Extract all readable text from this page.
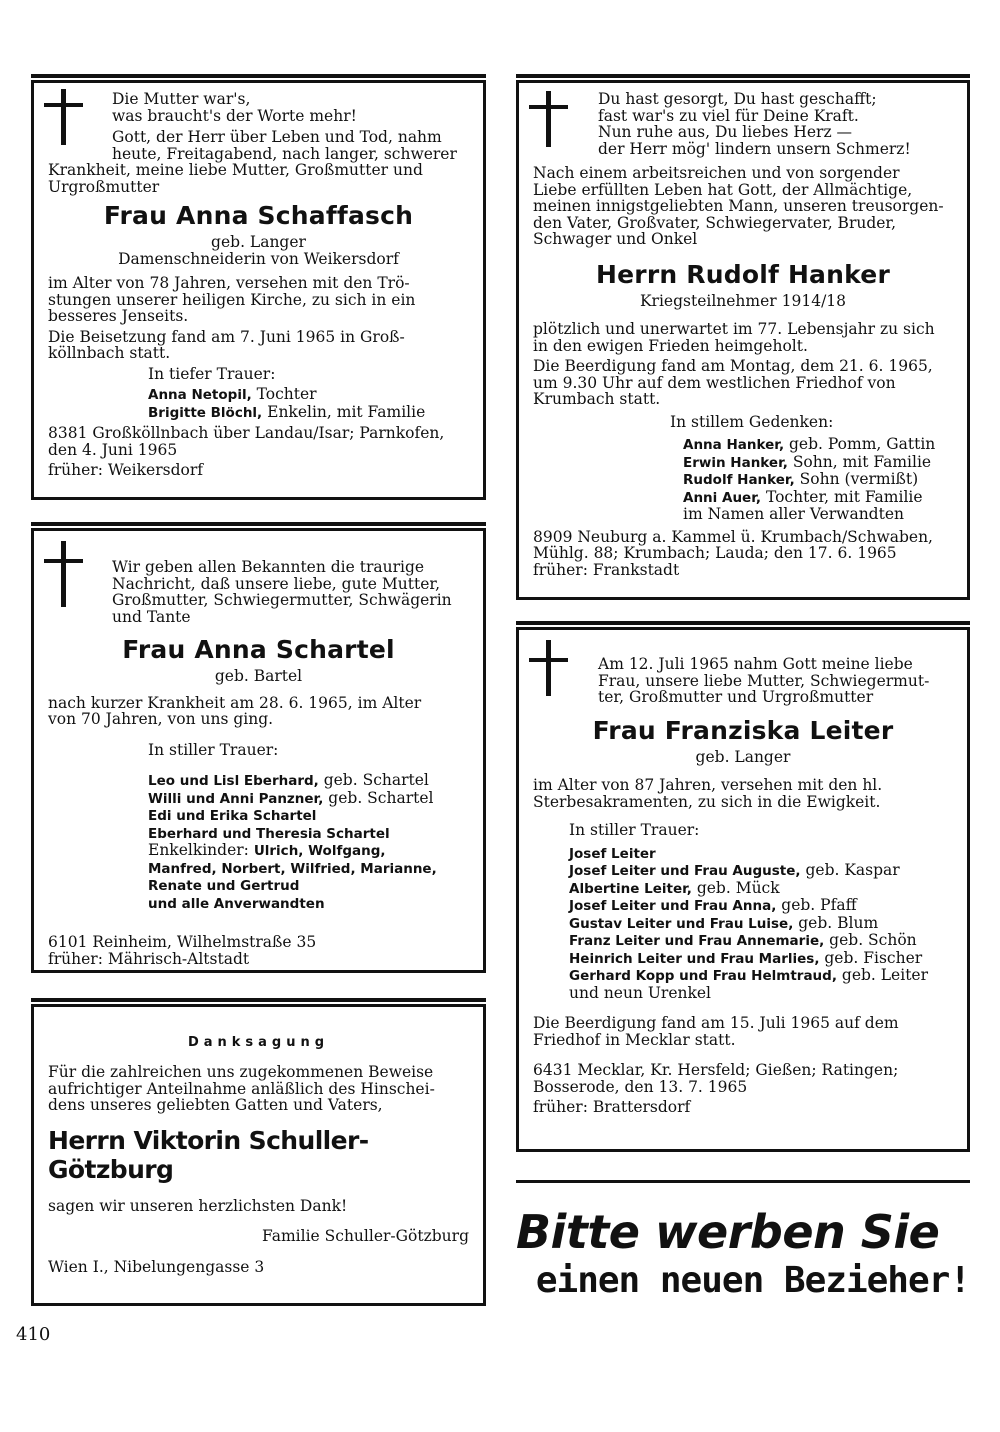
Die Mutter war's,

was braucht's der Worte mehr!

Gott, der Herr über Leben und Tod, nahm

heute, Freitagabend, nach langer, schwerer

Krankheit, meine liebe Mutter, Großmutter und

Urgroßmutter

Frau Anna Schaffasch

geb. Langer

Damenschneiderin von Weikersdorf

im Alter von 78 Jahren, versehen mit den Trö-

stungen unserer heiligen Kirche, zu sich in ein

besseres Jenseits.

Die Beisetzung fand am 7. Juni 1965 in Groß-

köllnbach statt.

In tiefer Trauer:

Anna Netopil, Tochter

Brigitte Blöchl, Enkelin, mit Familie

8381 Großköllnbach über Landau/Isar; Parnkofen,

den 4. Juni 1965

früher: Weikersdorf

Du hast gesorgt, Du hast geschafft;

fast war's zu viel für Deine Kraft.

Nun ruhe aus, Du liebes Herz —

der Herr mög' lindern unsern Schmerz!

Nach einem arbeitsreichen und von sorgender

Liebe erfüllten Leben hat Gott, der Allmächtige,

meinen innigstgeliebten Mann, unseren treusorgen-

den Vater, Großvater, Schwiegervater, Bruder,

Schwager und Onkel

Herrn Rudolf Hanker

Kriegsteilnehmer 1914/18

plötzlich und unerwartet im 77. Lebensjahr zu sich

in den ewigen Frieden heimgeholt.

Die Beerdigung fand am Montag, dem 21. 6. 1965,

um 9.30 Uhr auf dem westlichen Friedhof von

Krumbach statt.

In stillem Gedenken:

Anna Hanker, geb. Pomm, Gattin

Erwin Hanker, Sohn, mit Familie

Rudolf Hanker, Sohn (vermißt)

Anni Auer, Tochter, mit Familie

im Namen aller Verwandten

8909 Neuburg a. Kammel ü. Krumbach/Schwaben,

Mühlg. 88; Krumbach; Lauda; den 17. 6. 1965

früher: Frankstadt

Wir geben allen Bekannten die traurige

Nachricht, daß unsere liebe, gute Mutter,

Großmutter, Schwiegermutter, Schwägerin

und Tante

Frau Anna Schartel

geb. Bartel

nach kurzer Krankheit am 28. 6. 1965, im Alter

von 70 Jahren, von uns ging.

In stiller Trauer:

Leo und Lisl Eberhard, geb. Schartel

Willi und Anni Panzner, geb. Schartel

Edi und Erika Schartel

Eberhard und Theresia Schartel

Enkelkinder: Ulrich, Wolfgang,

Manfred, Norbert, Wilfried, Marianne,

Renate und Gertrud

und alle Anverwandten

6101 Reinheim, Wilhelmstraße 35

früher: Mährisch-Altstadt

Am 12. Juli 1965 nahm Gott meine liebe

Frau, unsere liebe Mutter, Schwiegermut-

ter, Großmutter und Urgroßmutter

Frau Franziska Leiter

geb. Langer

im Alter von 87 Jahren, versehen mit den hl.

Sterbesakramenten, zu sich in die Ewigkeit.

In stiller Trauer:

Josef Leiter

Josef Leiter und Frau Auguste, geb. Kaspar

Albertine Leiter, geb. Mück

Josef Leiter und Frau Anna, geb. Pfaff

Gustav Leiter und Frau Luise, geb. Blum

Franz Leiter und Frau Annemarie, geb. Schön

Heinrich Leiter und Frau Marlies, geb. Fischer

Gerhard Kopp und Frau Helmtraud, geb. Leiter

und neun Urenkel

Die Beerdigung fand am 15. Juli 1965 auf dem

Friedhof in Mecklar statt.

6431 Mecklar, Kr. Hersfeld; Gießen; Ratingen;

Bosserode, den 13. 7. 1965

früher: Brattersdorf

Danksagung

Für die zahlreichen uns zugekommenen Beweise

aufrichtiger Anteilnahme anläßlich des Hinschei-

dens unseres geliebten Gatten und Vaters,

Herrn Viktorin Schuller-Götzburg

sagen wir unseren herzlichsten Dank!

Familie Schuller-Götzburg

Wien I., Nibelungengasse 3

Bitte werben Sie
einen neuen Bezieher!
410
